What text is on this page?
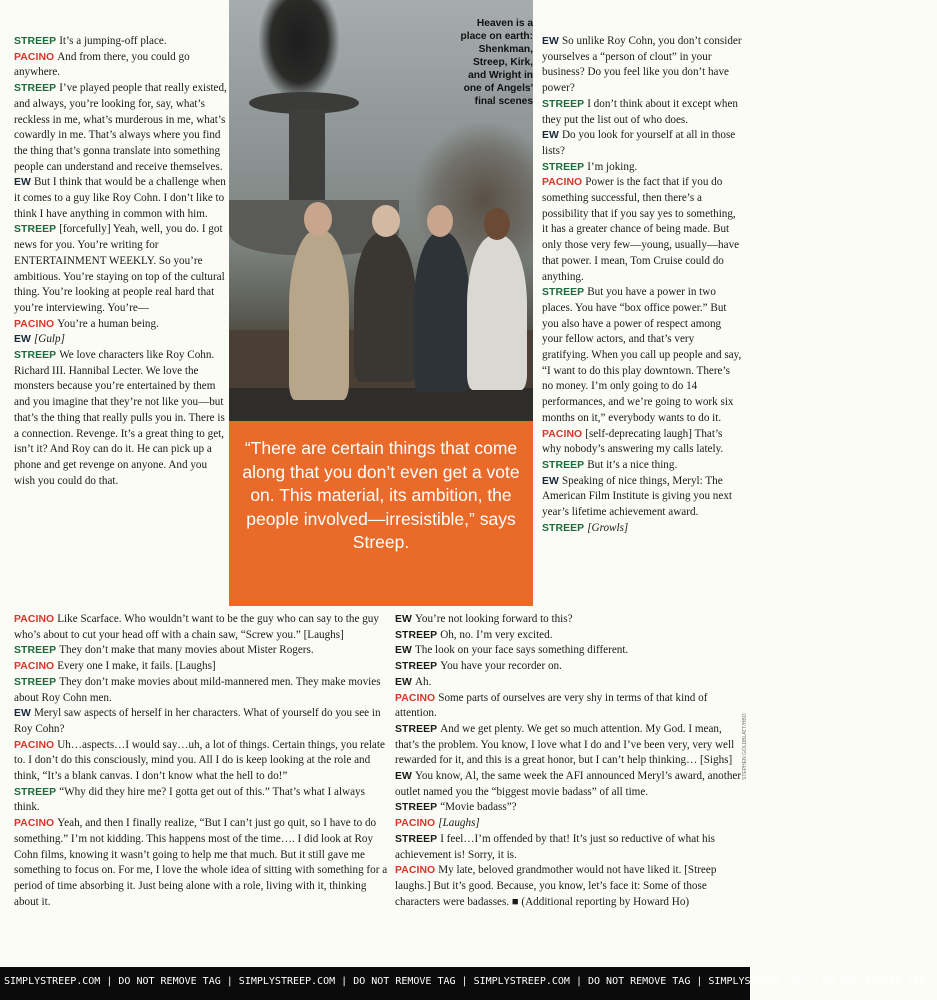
Heaven is a place on earth: Shenkman, Streep, Kirk, and Wright in one of Angels' final scenes
“There are certain things that come along that you don’t even get a vote on. This material, its ambition, the people involved—irresistible,” says Streep.

STREEP It’s a jumping-off place.

PACINO And from there, you could go anywhere.

STREEP I’ve played people that really existed, and always, you’re looking for, say, what’s reckless in me, what’s murderous in me, what’s cowardly in me. That’s always where you find the thing that’s gonna translate into something people can understand and receive themselves.

EW But I think that would be a challenge when it comes to a guy like Roy Cohn. I don’t like to think I have anything in common with him.

STREEP [forcefully] Yeah, well, you do. I got news for you. You’re writing for ENTERTAINMENT WEEKLY. So you’re ambitious. You’re staying on top of the cultural thing. You’re looking at people real hard that you’re interviewing. You’re—

PACINO You’re a human being.

EW [Gulp]

STREEP We love characters like Roy Cohn. Richard III. Hannibal Lecter. We love the monsters because you’re entertained by them and you imagine that they’re not like you—but that’s the thing that really pulls you in. There is a connection. Revenge. It’s a great thing to get, isn’t it? And Roy can do it. He can pick up a phone and get revenge on anyone. And you wish you could do that.

PACINO Like Scarface. Who wouldn’t want to be the guy who can say to the guy who’s about to cut your head off with a chain saw, “Screw you.” [Laughs]

STREEP They don’t make that many movies about Mister Rogers.

PACINO Every one I make, it fails. [Laughs]

STREEP They don’t make movies about mild-mannered men. They make movies about Roy Cohn men.

EW Meryl saw aspects of herself in her characters. What of yourself do you see in Roy Cohn?

PACINO Uh…aspects…I would say…uh, a lot of things. Certain things, you relate to. I don’t do this consciously, mind you. All I do is keep looking at the role and think, “It’s a blank canvas. I don’t know what the hell to do!”

STREEP “Why did they hire me? I gotta get out of this.” That’s what I always think.

PACINO Yeah, and then I finally realize, “But I can’t just go quit, so I have to do something.” I’m not kidding. This happens most of the time…. I did look at Roy Cohn films, knowing it wasn’t going to help me that much. But it still gave me something to focus on. For me, I love the whole idea of sitting with something for a period of time absorbing it. Just being alone with a role, living with it, thinking about it.

EW So unlike Roy Cohn, you don’t consider yourselves a “person of clout” in your business? Do you feel like you don’t have power?

STREEP I don’t think about it except when they put the list out of who does.

EW Do you look for yourself at all in those lists?

STREEP I’m joking.

PACINO Power is the fact that if you do something successful, then there’s a possibility that if you say yes to something, it has a greater chance of being made. But only those very few—young, usually—have that power. I mean, Tom Cruise could do anything.

STREEP But you have a power in two places. You have “box office power.” But you also have a power of respect among your fellow actors, and that’s very gratifying. When you call up people and say, “I want to do this play downtown. There’s no money. I’m only going to do 14 performances, and we’re going to work six months on it,” everybody wants to do it.

PACINO [self-deprecating laugh] That’s why nobody’s answering my calls lately.

STREEP But it’s a nice thing.

EW Speaking of nice things, Meryl: The American Film Institute is giving you next year’s lifetime achievement award.

STREEP [Growls]

EW You’re not looking forward to this?

STREEP Oh, no. I’m very excited.

EW The look on your face says something different.

STREEP You have your recorder on.

EW Ah.

PACINO Some parts of ourselves are very shy in terms of that kind of attention.

STREEP And we get plenty. We get so much attention. My God. I mean, that’s the problem. You know, I love what I do and I’ve been very, very well rewarded for it, and this is a great honor, but I can’t help thinking… [Sighs]

EW You know, Al, the same week the AFI announced Meryl’s award, another outlet named you the “biggest movie badass” of all time.

STREEP “Movie badass”?

PACINO [Laughs]

STREEP I feel…I’m offended by that! It’s just so reductive of what his achievement is! Sorry, it is.

PACINO My late, beloved grandmother would not have liked it. [Streep laughs.] But it’s good. Because, you know, let’s face it: Some of those characters were badasses. ■ (Additional reporting by Howard Ho)

STEPHEN GOLDBLATT/HBO
SIMPLYSTREEP.COM | DO NOT REMOVE TAG | SIMPLYSTREEP.COM | DO NOT REMOVE TAG | SIMPLYSTREEP.COM | DO NOT REMOVE TAG | SIMPLYSTREEP.COM | DO NOT REMOVE TAG |
